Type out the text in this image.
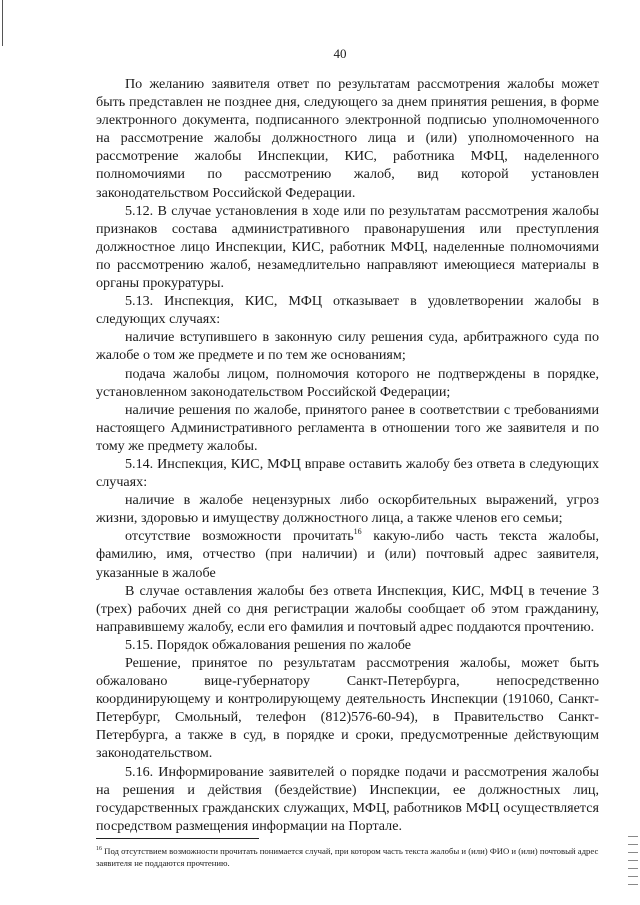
40

По желанию заявителя ответ по результатам рассмотрения жалобы может быть представлен не позднее дня, следующего за днем принятия решения, в форме электронного документа, подписанного электронной подписью уполномоченного на рассмотрение жалобы должностного лица и (или) уполномоченного на рассмотрение жалобы Инспекции, КИС, работника МФЦ, наделенного полномочиями по рассмотрению жалоб, вид которой установлен законодательством Российской Федерации.

5.12. В случае установления в ходе или по результатам рассмотрения жалобы признаков состава административного правонарушения или преступления должностное лицо Инспекции, КИС, работник МФЦ, наделенные полномочиями по рассмотрению жалоб, незамедлительно направляют имеющиеся материалы в органы прокуратуры.

5.13. Инспекция, КИС, МФЦ отказывает в удовлетворении жалобы в следующих случаях:

наличие вступившего в законную силу решения суда, арбитражного суда по жалобе о том же предмете и по тем же основаниям;

подача жалобы лицом, полномочия которого не подтверждены в порядке, установленном законодательством Российской Федерации;

наличие решения по жалобе, принятого ранее в соответствии с требованиями настоящего Административного регламента в отношении того же заявителя и по тому же предмету жалобы.

5.14. Инспекция, КИС, МФЦ вправе оставить жалобу без ответа в следующих случаях:

наличие в жалобе нецензурных либо оскорбительных выражений, угроз жизни, здоровью и имуществу должностного лица, а также членов его семьи;

отсутствие возможности прочитать$^{16}$ какую-либо часть текста жалобы, фамилию, имя, отчество (при наличии) и (или) почтовый адрес заявителя, указанные в жалобе

В случае оставления жалобы без ответа Инспекция, КИС, МФЦ в течение 3 (трех) рабочих дней со дня регистрации жалобы сообщает об этом гражданину, направившему жалобу, если его фамилия и почтовый адрес поддаются прочтению.

5.15. Порядок обжалования решения по жалобе

Решение, принятое по результатам рассмотрения жалобы, может быть обжаловано вице-губернатору Санкт-Петербурга, непосредственно координирующему и контролирующему деятельность Инспекции (191060, Санкт-Петербург, Смольный, телефон (812)576-60-94), в Правительство Санкт-Петербурга, а также в суд, в порядке и сроки, предусмотренные действующим законодательством.

5.16. Информирование заявителей о порядке подачи и рассмотрения жалобы на решения и действия (бездействие) Инспекции, ее должностных лиц, государственных гражданских служащих, МФЦ, работников МФЦ осуществляется посредством размещения информации на Портале.

$^{16}$ Под отсутствием возможности прочитать понимается случай, при котором часть текста жалобы и (или) ФИО и (или) почтовый адрес заявителя не поддаются прочтению.
